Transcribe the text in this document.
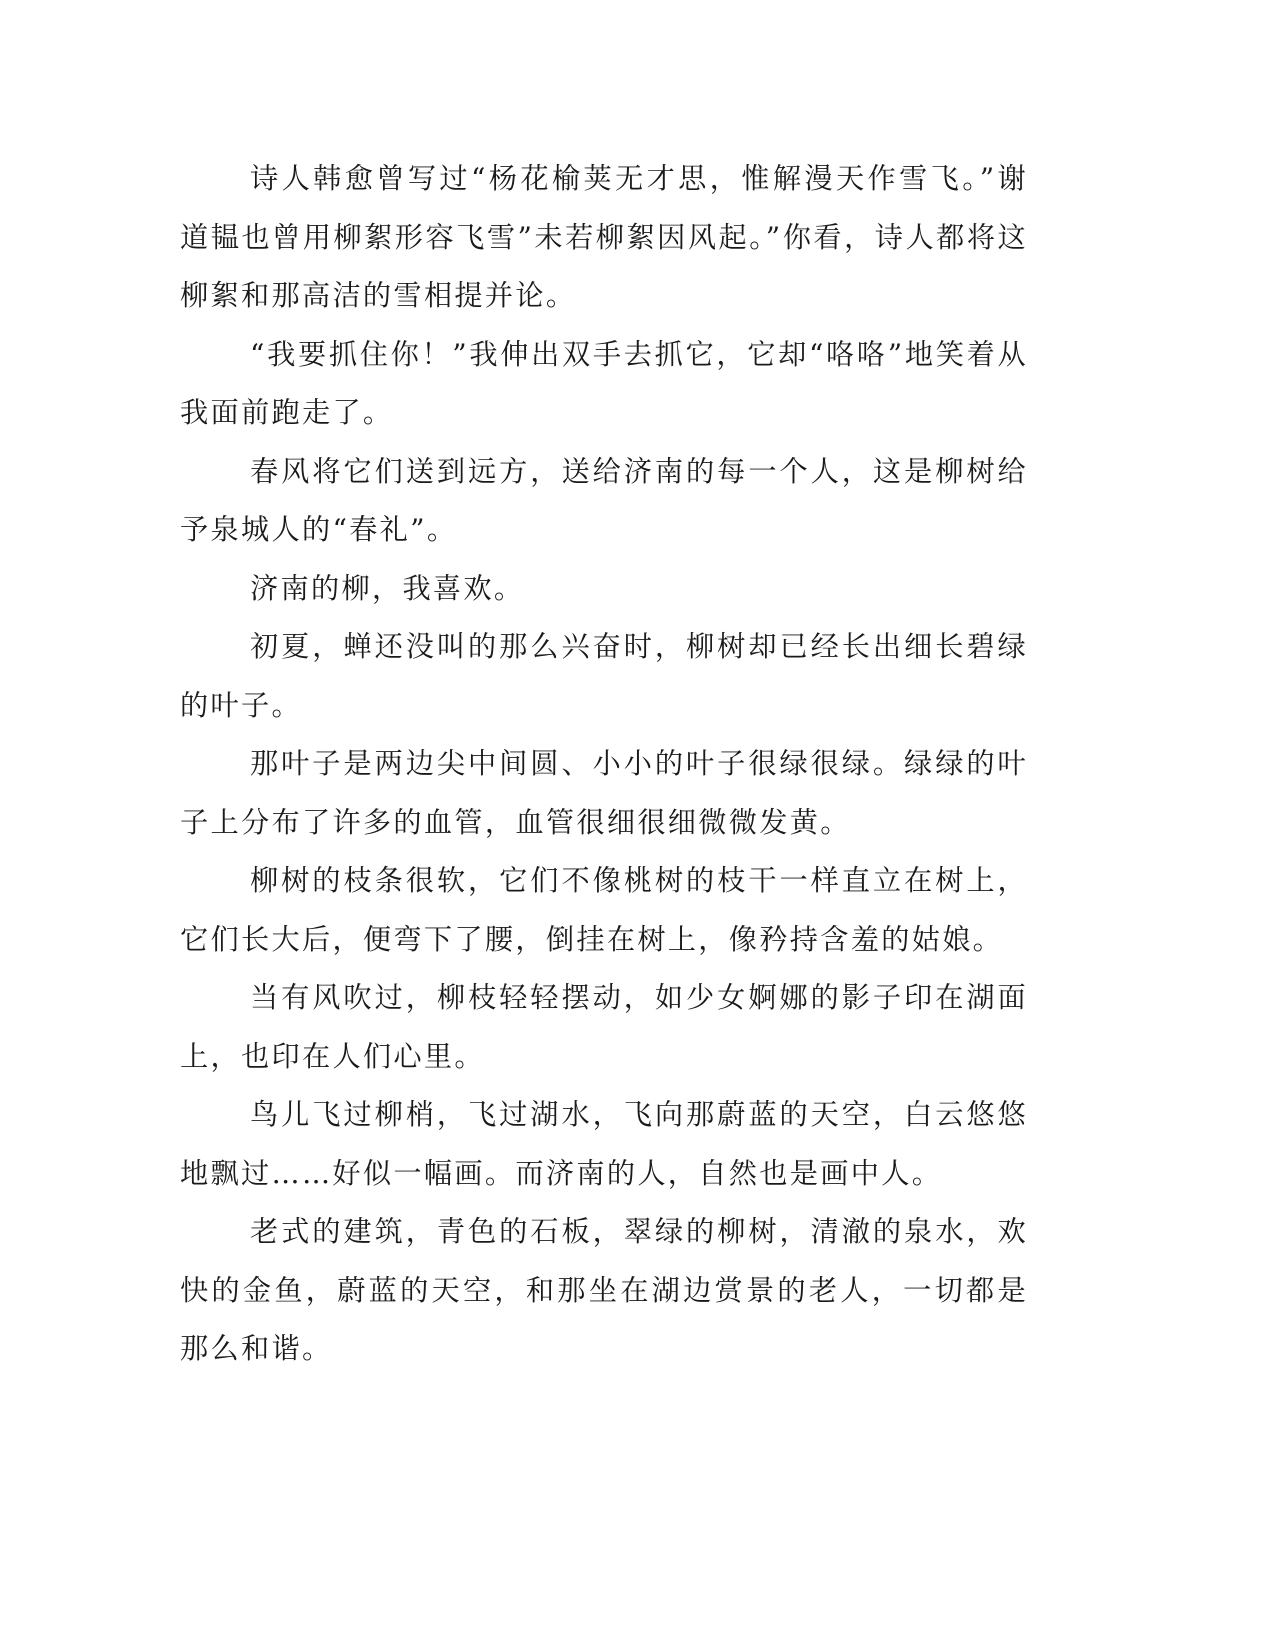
诗人韩愈曾写过“杨花榆荚无才思，惟解漫天作雪飞。”谢道韫也曾用柳絮形容飞雪”未若柳絮因风起。”你看，诗人都将这柳絮和那高洁的雪相提并论。

“我要抓住你！”我伸出双手去抓它，它却“咯咯”地笑着从我面前跑走了。

春风将它们送到远方，送给济南的每一个人，这是柳树给予泉城人的“春礼”。

济南的柳，我喜欢。

初夏，蝉还没叫的那么兴奋时，柳树却已经长出细长碧绿的叶子。

那叶子是两边尖中间圆、小小的叶子很绿很绿。绿绿的叶子上分布了许多的血管，血管很细很细微微发黄。

柳树的枝条很软，它们不像桃树的枝干一样直立在树上，它们长大后，便弯下了腰，倒挂在树上，像矜持含羞的姑娘。

当有风吹过，柳枝轻轻摆动，如少女婀娜的影子印在湖面上，也印在人们心里。

鸟儿飞过柳梢，飞过湖水，飞向那蔚蓝的天空，白云悠悠地飘过……好似一幅画。而济南的人，自然也是画中人。

老式的建筑，青色的石板，翠绿的柳树，清澈的泉水，欢快的金鱼，蔚蓝的天空，和那坐在湖边赏景的老人，一切都是那么和谐。
